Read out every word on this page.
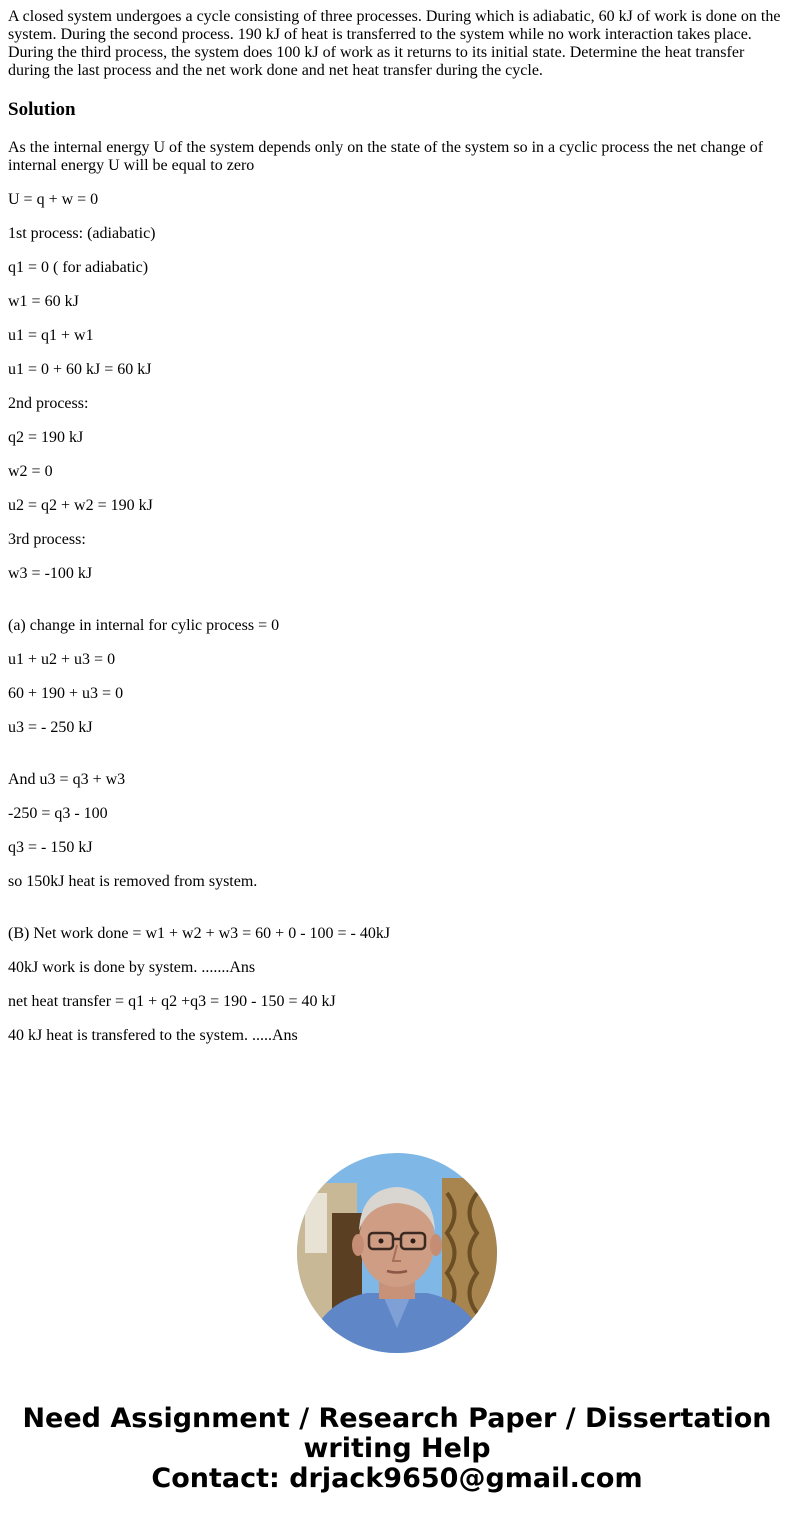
A closed system undergoes a cycle consisting of three processes. During which is adiabatic, 60 kJ of work is done on the system. During the second process. 190 kJ of heat is transferred to the system while no work interaction takes place. During the third process, the system does 100 kJ of work as it returns to its initial state. Determine the heat transfer during the last process and the net work done and net heat transfer during the cycle.

Solution

As the internal energy U of the system depends only on the state of the system so in a cyclic process the net change of internal energy U will be equal to zero

U = q + w = 0

1st process: (adiabatic)

q1 = 0 ( for adiabatic)

w1 = 60 kJ

u1 = q1 + w1

u1 = 0 + 60 kJ = 60 kJ

2nd process:

q2 = 190 kJ

w2 = 0

u2 = q2 + w2 = 190 kJ

3rd process:

w3 = -100 kJ

(a) change in internal for cylic process = 0

u1 + u2 + u3 = 0

60 + 190 + u3 = 0

u3 = - 250 kJ

And u3 = q3 + w3

-250 = q3 - 100

q3 = - 150 kJ

so 150kJ heat is removed from system.

(B) Net work done = w1 + w2 + w3 = 60 + 0 - 100 = - 40kJ

40kJ work is done by system. .......Ans

net heat transfer = q1 + q2 +q3 = 190 - 150 = 40 kJ

40 kJ heat is transfered to the system. .....Ans

Need Assignment / Research Paper / Dissertation
writing Help
Contact: drjack9650@gmail.com
